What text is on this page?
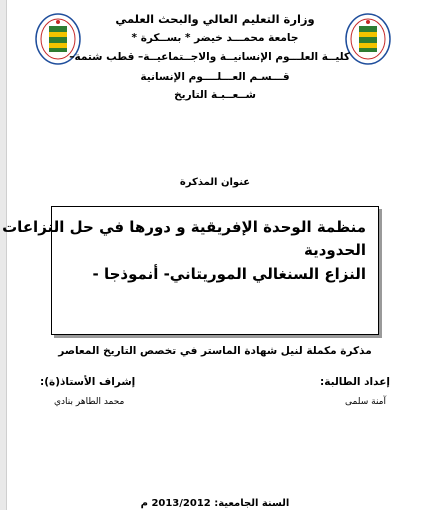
وزارة التعليم العالي والبحث العلمي
جامعة محمـــد خيضر * بســكرة *
كليــة العلـــوم الإنسانيــة والاجــتماعيــة– قطب شتمة–
قـــسـم العـــلــــوم الإنسانية
شــعــبـة التاريخ
عنوان المذكرة
منظمة الوحدة الإفريقية و دورها في حل النزاعات
الحدودية
النزاع السنغالي الموريتاني- أنموذجا -
مذكرة مكملة لنيل شهادة الماستر في تخصص التاريخ المعاصر
إعداد الطالبة:
إشراف الأستاذ(ة):
آمنة سلمى
محمد الطاهر بنادي
السنة الجامعية: 2013/2012 م
